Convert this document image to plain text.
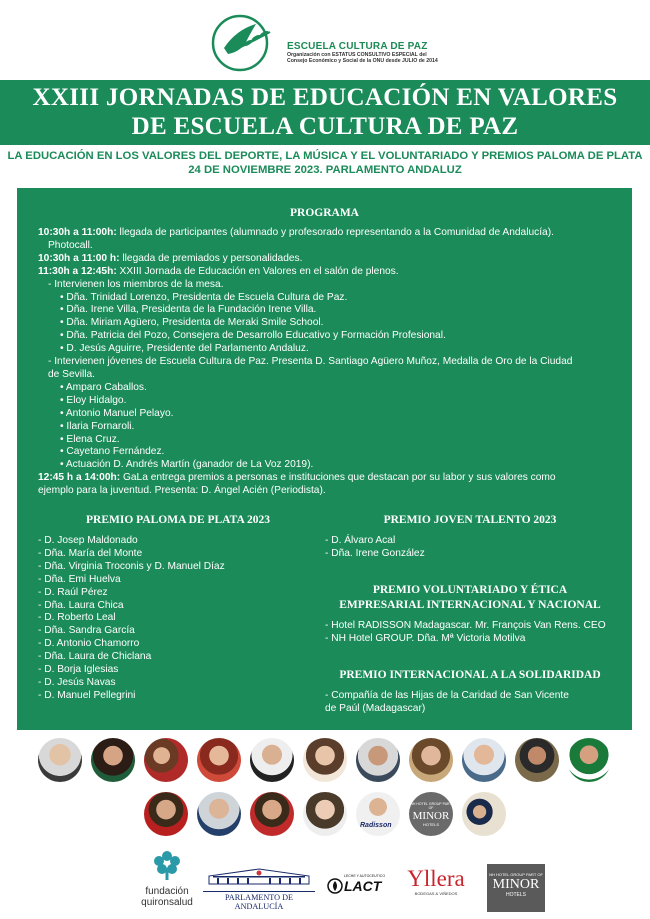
ESCUELA CULTURA DE PAZ
Organización con ESTATUS CONSULTIVO ESPECIAL del
Consejo Económico y Social de la ONU desde JULIO de 2014
XXIII JORNADAS DE EDUCACIÓN EN VALORES
DE ESCUELA CULTURA DE PAZ
LA EDUCACIÓN EN LOS VALORES DEL DEPORTE, LA MÚSICA Y EL VOLUNTARIADO Y PREMIOS PALOMA DE PLATA
24 DE NOVIEMBRE 2023. PARLAMENTO ANDALUZ
PROGRAMA
10:30h a 11:00h: llegada de participantes (alumnado y profesorado representando a la Comunidad de Andalucía).
Photocall.
10:30h a 11:00 h: llegada de premiados y personalidades.
11:30h a 12:45h: XXIII Jornada de Educación en Valores en el salón de plenos.
- Intervienen los miembros de la mesa.
• Dña. Trinidad Lorenzo, Presidenta de Escuela Cultura de Paz.
• Dña. Irene Villa, Presidenta de la Fundación Irene Villa.
• Dña. Miriam Agüero, Presidenta de Meraki Smile School.
• Dña. Patricia del Pozo, Consejera de Desarrollo Educativo y Formación Profesional.
• D. Jesús Aguirre, Presidente del Parlamento Andaluz.
- Intervienen jóvenes de Escuela Cultura de Paz. Presenta D. Santiago Agüero Muñoz, Medalla de Oro de la Ciudad
de Sevilla.
• Amparo Caballos.
• Eloy Hidalgo.
• Antonio Manuel Pelayo.
• Ilaria Fornaroli.
• Elena Cruz.
• Cayetano Fernández.
• Actuación D. Andrés Martín (ganador de La Voz 2019).
12:45 h a 14:00h: GaLa entrega premios a personas e instituciones que destacan por su labor y sus valores como
ejemplo para la juventud. Presenta: D. Ángel Acién (Periodista).
PREMIO PALOMA DE PLATA 2023
- D. Josep Maldonado
- Dña. María del Monte
- Dña. Virginia Troconis y D. Manuel Díaz
- Dña. Emi Huelva
- D. Raúl Pérez
- Dña. Laura Chica
- D. Roberto Leal
- Dña. Sandra García
- D. Antonio Chamorro
- Dña. Laura de Chiclana
- D. Borja Iglesias
- D. Jesús Navas
- D. Manuel Pellegrini
PREMIO JOVEN TALENTO 2023
- D. Álvaro Acal
- Dña. Irene González
PREMIO VOLUNTARIADO Y ÉTICA
EMPRESARIAL INTERNACIONAL Y NACIONAL
- Hotel RADISSON Madagascar. Mr. François Van Rens. CEO
- NH Hotel GROUP. Dña. Mª Victoria Motilva
PREMIO INTERNACIONAL A LA SOLIDARIDAD
- Compañía de las Hijas de la Caridad de San Vicente
de Paúl (Madagascar)
Radisson
NH HOTEL GROUP PART OF
MINOR
HOTELS
fundación
quironsalud	PARLAMENTO DE ANDALUCÍA
LECHE Y AUTOCEUTICO
LACT	Yllera
BODEGAS & VIÑEDOS
NH HOTEL GROUP PART OF
MINOR
HOTELS
